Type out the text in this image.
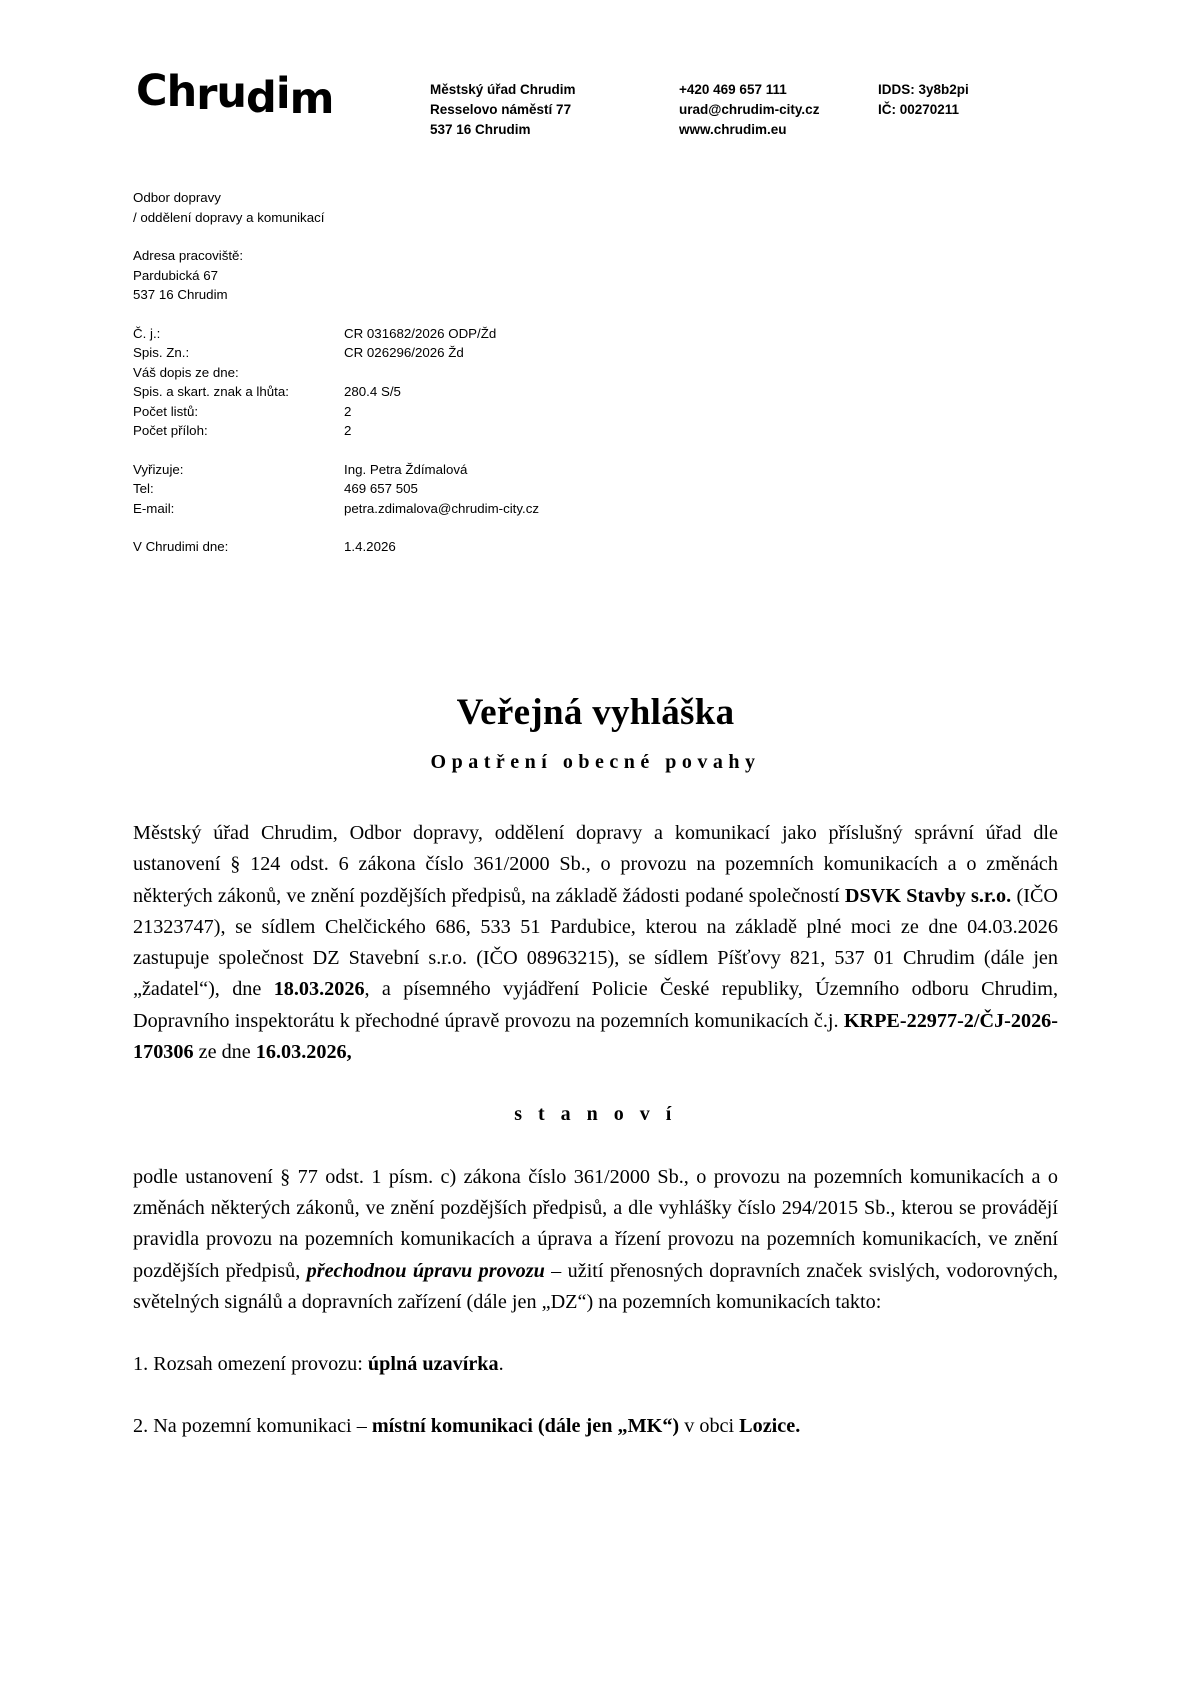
Chrudim	Městský úřad Chrudim
Resselovo náměstí 77
537 16 Chrudim
+420 469 657 111
urad@chrudim-city.cz
www.chrudim.eu
IDDS: 3y8b2pi
IČ: 00270211
Odbor dopravy
/ oddělení dopravy a komunikací
Adresa pracoviště:
Pardubická 67
537 16 Chrudim
Č. j.:	CR 031682/2026 ODP/Žd
Spis. Zn.:	CR 026296/2026 Žd
Váš dopis ze dne:
Spis. a skart. znak a lhůta:	280.4 S/5
Počet listů:	2
Počet příloh:	2
Vyřizuje:	Ing. Petra Ždímalová
Tel:	469 657 505
E-mail:	petra.zdimalova@chrudim-city.cz
V Chrudimi dne:	1.4.2026
Veřejná vyhláška
Opatření obecné povahy

Městský úřad Chrudim, Odbor dopravy, oddělení dopravy a komunikací jako příslušný správní úřad dle ustanovení § 124 odst. 6 zákona číslo 361/2000 Sb., o provozu na pozemních komunikacích a o změnách některých zákonů, ve znění pozdějších předpisů, na základě žádosti podané společností DSVK Stavby s.r.o. (IČO 21323747), se sídlem Chelčického 686, 533 51 Pardubice, kterou na základě plné moci ze dne 04.03.2026 zastupuje společnost DZ Stavební s.r.o. (IČO 08963215), se sídlem Píšťovy 821, 537 01 Chrudim (dále jen „žadatel“), dne 18.03.2026, a písemného vyjádření Policie České republiky, Územního odboru Chrudim, Dopravního inspektorátu k přechodné úpravě provozu na pozemních komunikacích č.j. KRPE-22977-2/ČJ-2026-170306 ze dne 16.03.2026,

s t a n o v í

podle ustanovení § 77 odst. 1 písm. c) zákona číslo 361/2000 Sb., o provozu na pozemních komunikacích a o změnách některých zákonů, ve znění pozdějších předpisů, a dle vyhlášky číslo 294/2015 Sb., kterou se provádějí pravidla provozu na pozemních komunikacích a úprava a řízení provozu na pozemních komunikacích, ve znění pozdějších předpisů, přechodnou úpravu provozu – užití přenosných dopravních značek svislých, vodorovných, světelných signálů a dopravních zařízení (dále jen „DZ“) na pozemních komunikacích takto:

1. Rozsah omezení provozu: úplná uzavírka.

2. Na pozemní komunikaci – místní komunikaci (dále jen „MK“) v obci Lozice.
